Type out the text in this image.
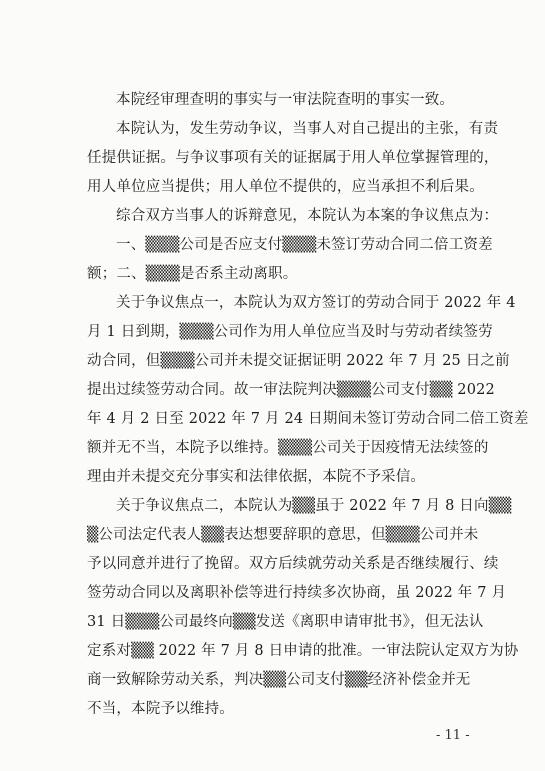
本院经审理查明的事实与一审法院查明的事实一致。
本院认为，发生劳动争议，当事人对自己提出的主张，有责
任提供证据。与争议事项有关的证据属于用人单位掌握管理的，
用人单位应当提供；用人单位不提供的，应当承担不利后果。
综合双方当事人的诉辩意见，本院认为本案的争议焦点为：
一、▒▒▒公司是否应支付▒▒▒未签订劳动合同二倍工资差
额；二、▒▒▒是否系主动离职。
关于争议焦点一，本院认为双方签订的劳动合同于 2022 年 4
月 1 日到期，▒▒▒公司作为用人单位应当及时与劳动者续签劳
动合同，但▒▒▒公司并未提交证据证明 2022 年 7 月 25 日之前
提出过续签劳动合同。故一审法院判决▒▒▒公司支付▒▒ 2022
年 4 月 2 日至 2022 年 7 月 24 日期间未签订劳动合同二倍工资差
额并无不当，本院予以维持。▒▒▒公司关于因疫情无法续签的
理由并未提交充分事实和法律依据，本院不予采信。
关于争议焦点二，本院认为▒▒虽于 2022 年 7 月 8 日向▒▒
▒公司法定代表人▒▒表达想要辞职的意思，但▒▒▒公司并未
予以同意并进行了挽留。双方后续就劳动关系是否继续履行、续
签劳动合同以及离职补偿等进行持续多次协商，虽 2022 年 7 月
31 日▒▒▒公司最终向▒▒发送《离职申请审批书》，但无法认
定系对▒▒ 2022 年 7 月 8 日申请的批准。一审法院认定双方为协
商一致解除劳动关系，判决▒▒公司支付▒▒经济补偿金并无
不当，本院予以维持。
- 11 -
